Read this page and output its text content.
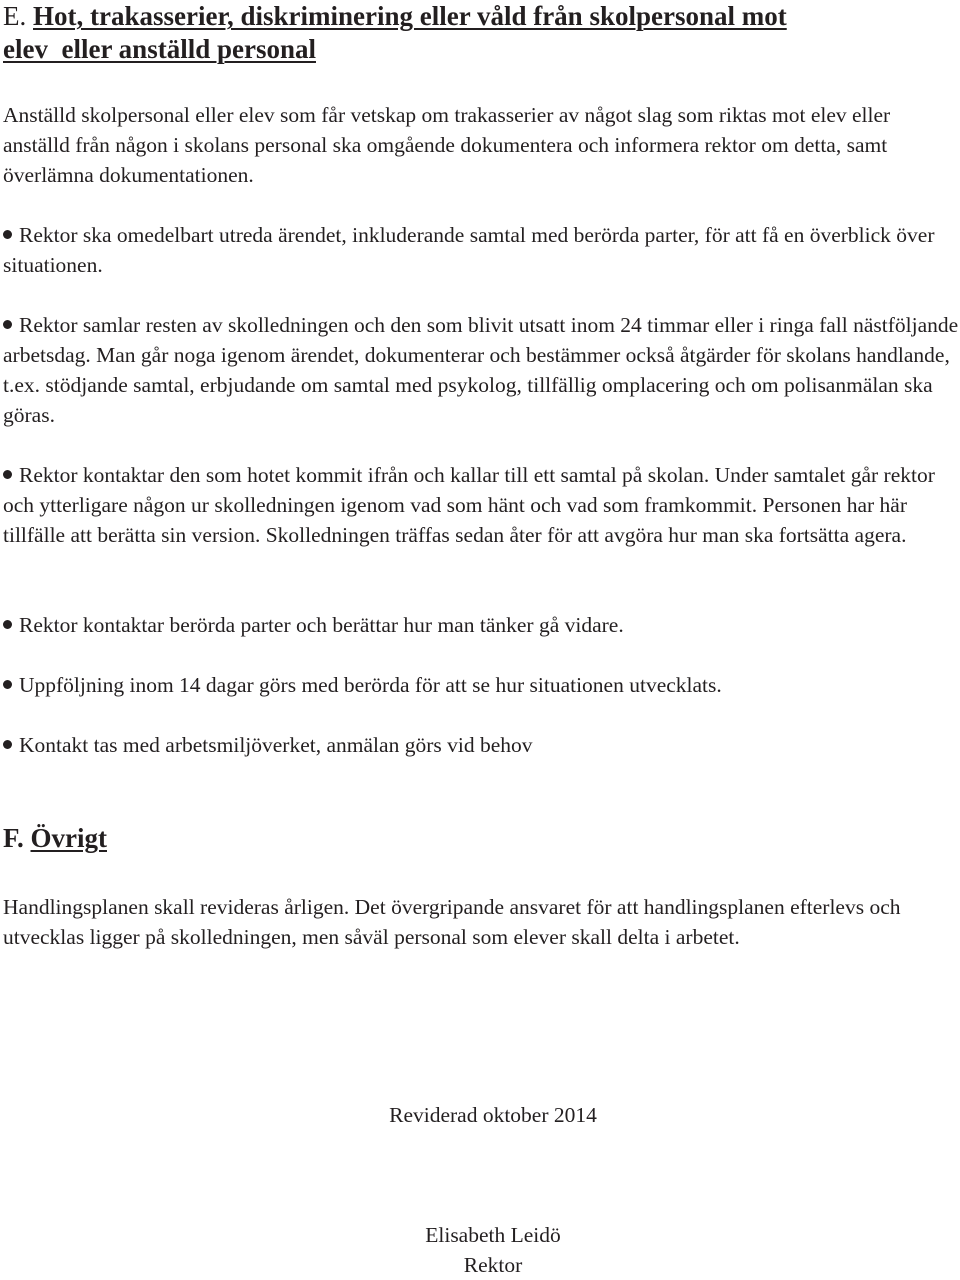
E. Hot, trakasserier, diskriminering eller våld från skolpersonal mot
elev  eller anställd personal

Anställd skolpersonal eller elev som får vetskap om trakasserier av något slag som riktas mot elev eller anställd från någon i skolans personal ska omgående dokumentera och informera rektor om detta, samt överlämna dokumentationen.

Rektor ska omedelbart utreda ärendet, inkluderande samtal med berörda parter, för att få en överblick över situationen.

Rektor samlar resten av skolledningen och den som blivit utsatt inom 24 timmar eller i ringa fall nästföljande arbetsdag. Man går noga igenom ärendet, dokumenterar och bestämmer också åtgärder för skolans handlande, t.ex. stödjande samtal, erbjudande om samtal med psykolog, tillfällig omplacering och om polisanmälan ska göras.

Rektor kontaktar den som hotet kommit ifrån och kallar till ett samtal på skolan. Under samtalet går rektor och ytterligare någon ur skolledningen igenom vad som hänt och vad som framkommit. Personen har här tillfälle att berätta sin version. Skolledningen träffas sedan åter för att avgöra hur man ska fortsätta agera.

Rektor kontaktar berörda parter och berättar hur man tänker gå vidare.

Uppföljning inom 14 dagar görs med berörda för att se hur situationen utvecklats.

Kontakt tas med arbetsmiljöverket, anmälan görs vid behov

F. Övrigt

Handlingsplanen skall revideras årligen. Det övergripande ansvaret för att handlingsplanen efterlevs och utvecklas ligger på skolledningen, men såväl personal som elever skall delta i arbetet.

Reviderad oktober 2014

Elisabeth Leidö

Rektor
